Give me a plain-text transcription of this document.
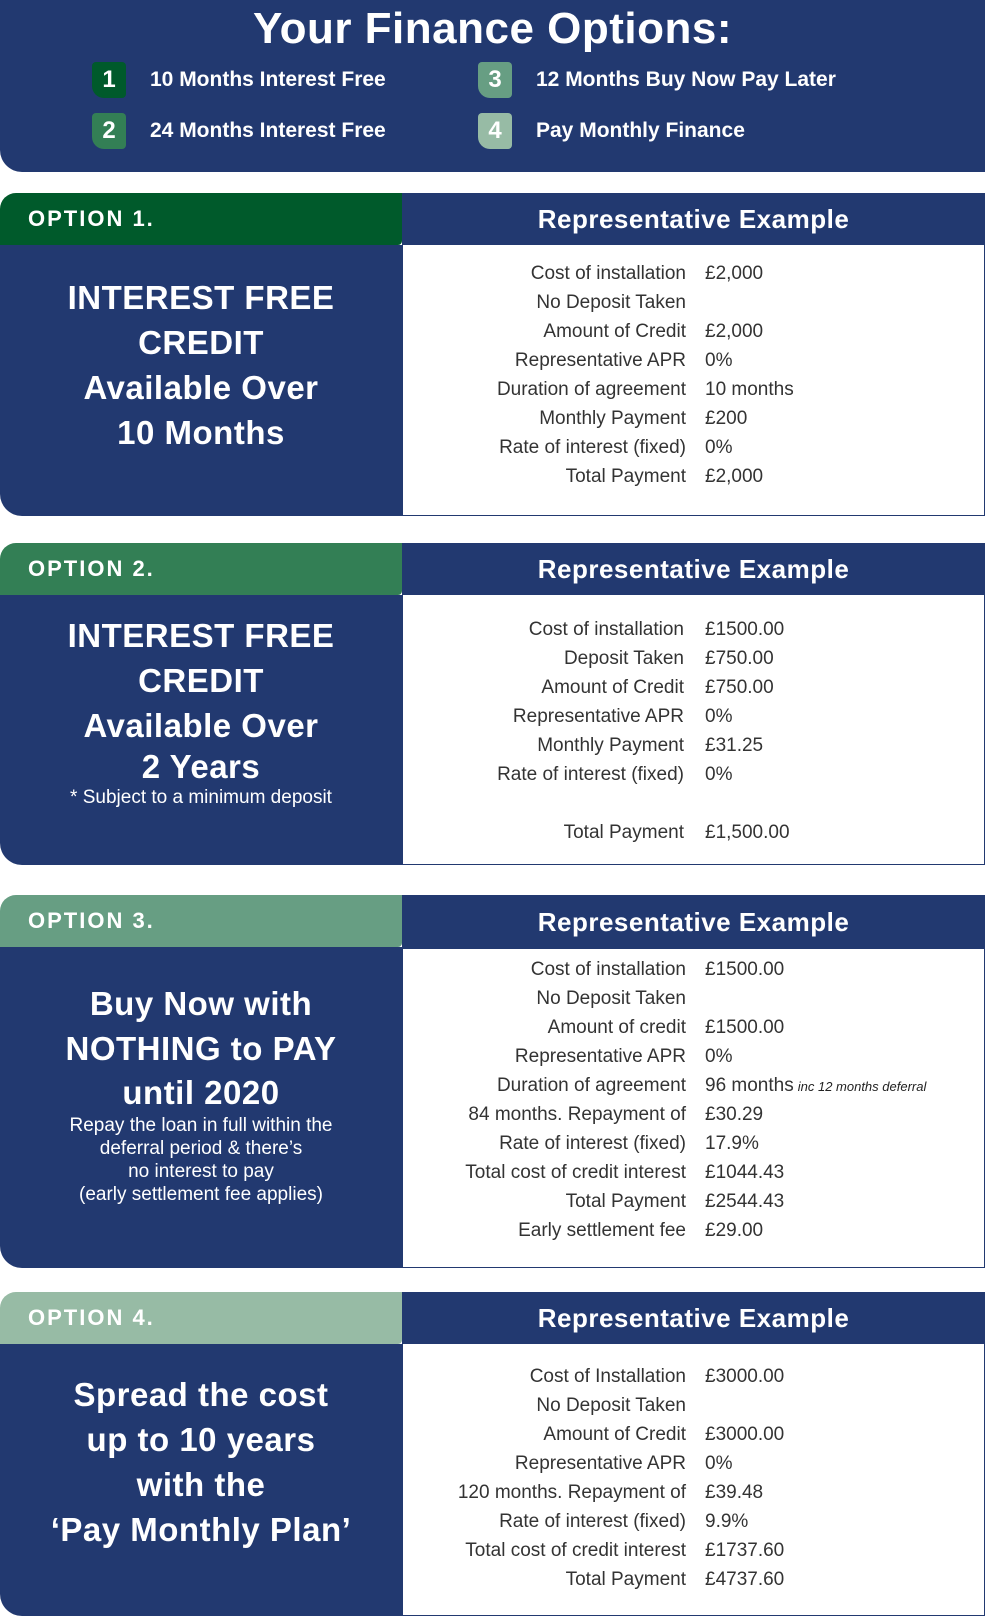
Your Finance Options:
1	10 Months Interest Free
2	24 Months Interest Free
3	12 Months Buy Now Pay Later
4	Pay Monthly Finance
OPTION 1.	Representative Example
INTEREST FREE
CREDIT
Available Over
10 Months
Cost of installation £2,000
No Deposit Taken
Amount of Credit £2,000
Representative APR 0%
Duration of agreement 10 months
Monthly Payment £200
Rate of interest (fixed) 0%
Total Payment £2,000
OPTION 2.	Representative Example
INTEREST FREE
CREDIT
Available Over
2 Years
* Subject to a minimum deposit
Cost of installation £1500.00
Deposit Taken £750.00
Amount of Credit £750.00
Representative APR 0%
Monthly Payment £31.25
Rate of interest (fixed) 0%
Total Payment £1,500.00
OPTION 3.	Representative Example
Buy Now with
NOTHING to PAY
until 2020
Repay the loan in full within the
deferral period & there’s
no interest to pay
(early settlement fee applies)
Cost of installation £1500.00
No Deposit Taken
Amount of credit £1500.00
Representative APR 0%
Duration of agreement 96 months inc 12 months deferral
84 months. Repayment of £30.29
Rate of interest (fixed) 17.9%
Total cost of credit interest £1044.43
Total Payment £2544.43
Early settlement fee £29.00
OPTION 4.	Representative Example
Spread the cost
up to 10 years
with the
‘Pay Monthly Plan’
Cost of Installation £3000.00
No Deposit Taken
Amount of Credit £3000.00
Representative APR 0%
120 months. Repayment of £39.48
Rate of interest (fixed) 9.9%
Total cost of credit interest £1737.60
Total Payment £4737.60
